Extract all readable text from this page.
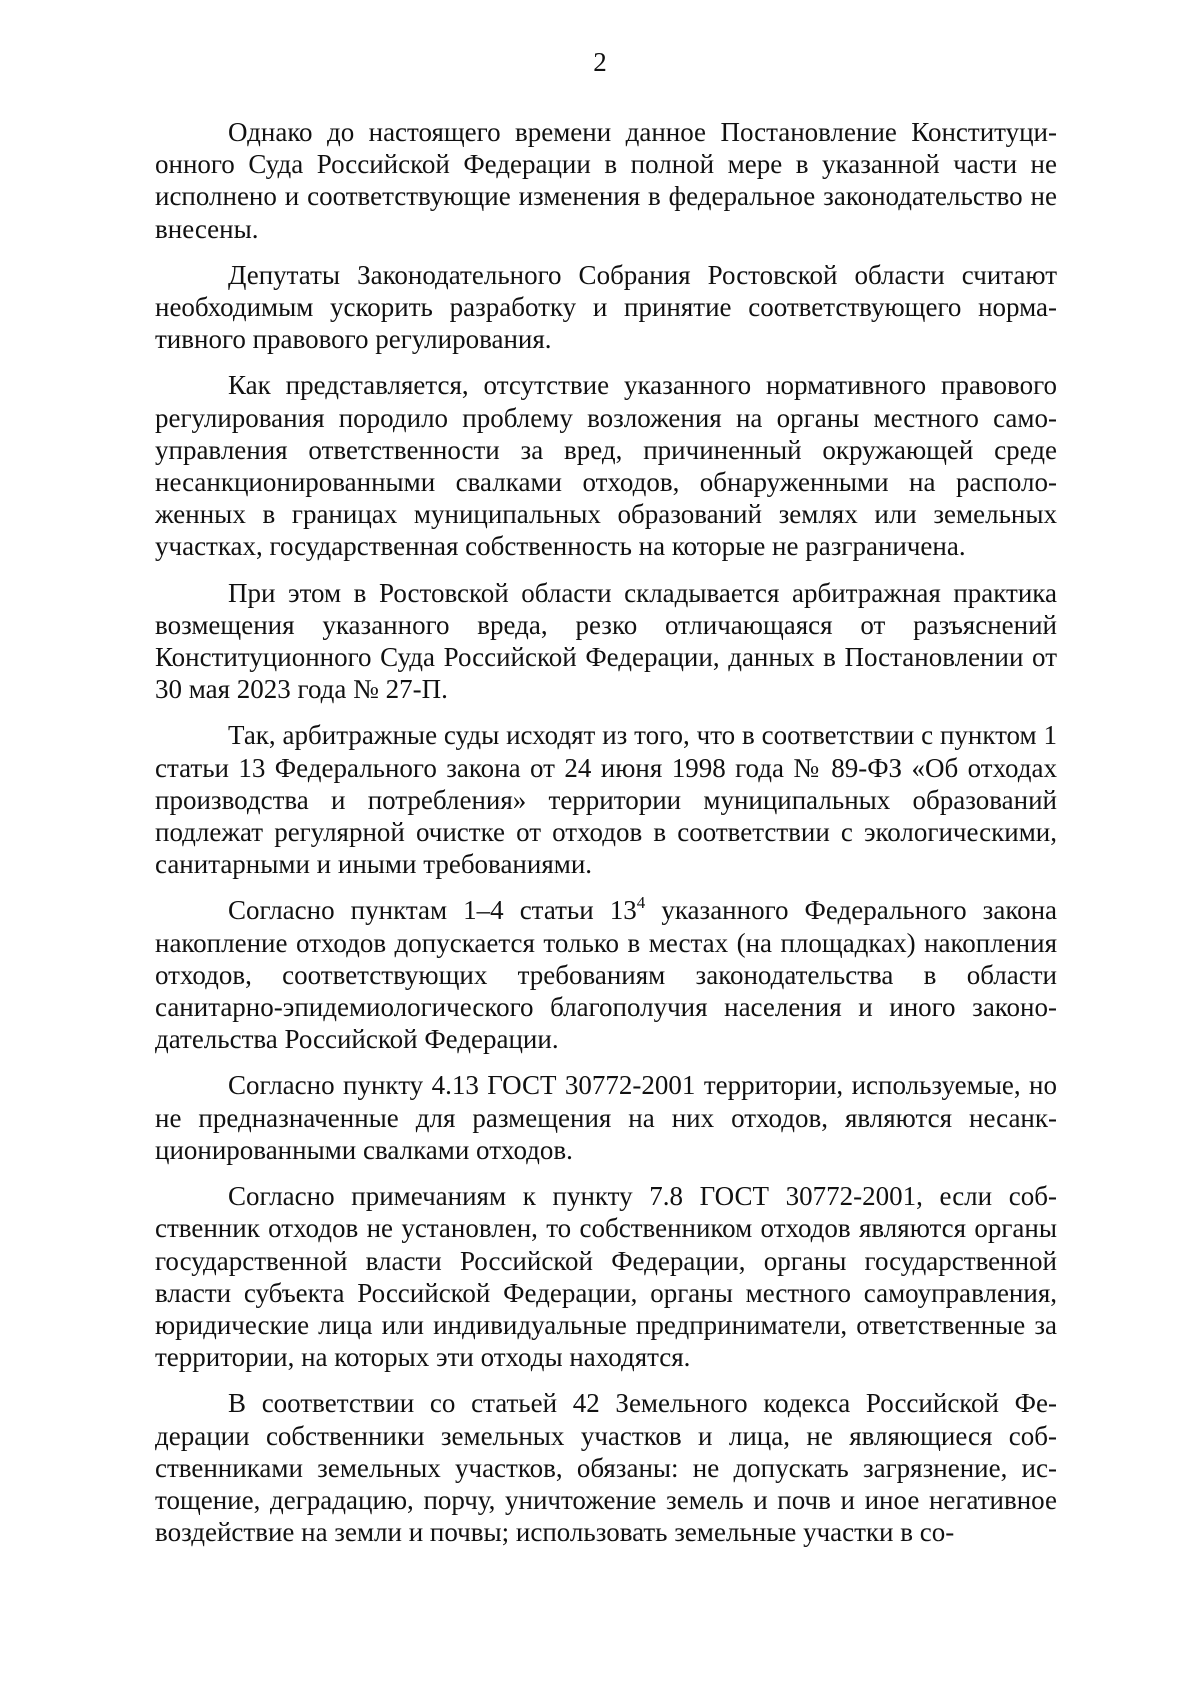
2

Однако до настоящего времени данное Постановление Конституционного Суда Российской Федерации в полной мере в указанной части не исполнено и соответствующие изменения в федеральное законодательство не внесены.

Депутаты Законодательного Собрания Ростовской области считают необходимым ускорить разработку и принятие соответствующего нормативного правового регулирования.

Как представляется, отсутствие указанного нормативного правового регулирования породило проблему возложения на органы местного самоуправления ответственности за вред, причиненный окружающей среде несанкционированными свалками отходов, обнаруженными на расположенных в границах муниципальных образований землях или земельных участках, государственная собственность на которые не разграничена.

При этом в Ростовской области складывается арбитражная практика возмещения указанного вреда, резко отличающаяся от разъяснений Конституционного Суда Российской Федерации, данных в Постановлении от 30 мая 2023 года № 27-П.

Так, арбитражные суды исходят из того, что в соответствии с пунктом 1 статьи 13 Федерального закона от 24 июня 1998 года № 89-ФЗ «Об отходах производства и потребления» территории муниципальных образований подлежат регулярной очистке от отходов в соответствии с экологическими, санитарными и иными требованиями.

Согласно пунктам 1–4 статьи $13^4$ указанного Федерального закона накопление отходов допускается только в местах (на площадках) накопления отходов, соответствующих требованиям законодательства в области санитарно-эпидемиологического благополучия населения и иного законодательства Российской Федерации.

Согласно пункту 4.13 ГОСТ 30772-2001 территории, используемые, но не предназначенные для размещения на них отходов, являются несанкционированными свалками отходов.

Согласно примечаниям к пункту 7.8 ГОСТ 30772-2001, если собственник отходов не установлен, то собственником отходов являются органы государственной власти Российской Федерации, органы государственной власти субъекта Российской Федерации, органы местного самоуправления, юридические лица или индивидуальные предприниматели, ответственные за территории, на которых эти отходы находятся.

В соответствии со статьей 42 Земельного кодекса Российской Федерации собственники земельных участков и лица, не являющиеся собственниками земельных участков, обязаны: не допускать загрязнение, истощение, деградацию, порчу, уничтожение земель и почв и иное негативное воздействие на земли и почвы; использовать земельные участки в со-
